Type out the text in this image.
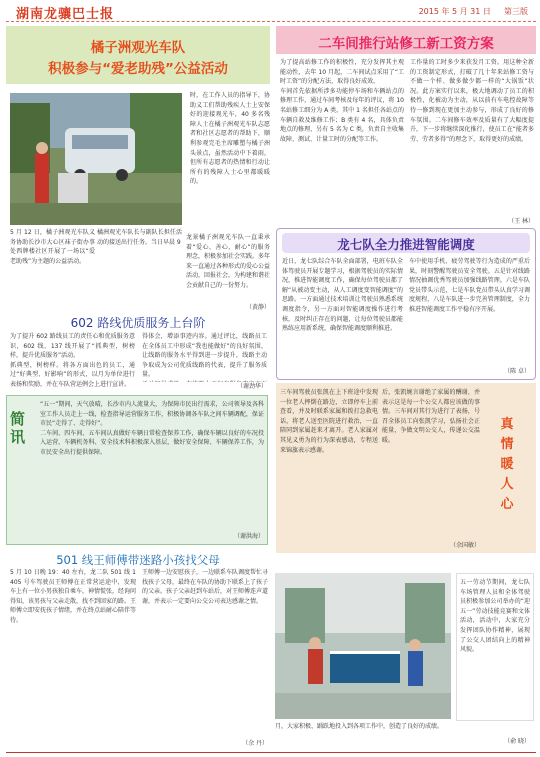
湖南龙骧巴士报	2015 年 5 月 31 日 第三版
橘子洲观光车队
积极参与“爱老助残”公益活动
时，在工作人员的指导下，协助义工们帮助残疾人士上安保好的迎接观光车，40 多名残障人士在橘子洲观光车队志愿者和社区志愿者的帮助下，顺利参观完毛主席雕塑与橘子洲头景点，虽然活动中下着雨，但所有志愿者的热情和行动让所有的残障人士心里都暖暖的。
5 月 12 日，橘子洲观光车队义务协助长沙市大心区袜子街办事处西牌楼社区开展了一场以“爱老助残”为主题的公益活动。
橘洲观光车队长与副队长担任活动的接送出行任务。当日早晨 9
龙景橘子洲观光车队一直秉承着“爱心、善心、耐心”的服务理念，积极参加社会实践。多年来一直通过各种形式的爱心公益活动，回报社会，为构建和谐社会贡献自己的一份努力。
（黄静）
二车间推行站修工新工资方案
为了提高站修工作的积极性，充分发挥其主观能动性，去年 10 月起，二车间试点采用了“工时工资”的分配方法，取得良好成效。
车间首先依据所涉多功能停车场和车辆站点的修理工作，通过车间考核及每年的评议，将 10 名站修工细分为 A 类，其中 1 名担任各站点的车辆自救及维修工作；B 类有 4 名，具体负责地点的修理，另有 5 名为 C 类，负责自主收集故障、测试、计量工时的分配等工作。
工作量的工时多少来获发月工资。用这种全新的工资制定形式，打破了几十年来站修工资与不做一个样、做多做少都一样的“大锅饭”状况。此方案实行以来，极大地调动了员工的积极性，化被动为主动，从以前有车电控故障等待一修到现在更加主动参与，形成了良好的修车氛围。二车间修车效率及质量有了大幅度提升，下一步将继续深化推行，使员工在“能者多劳、劳者多得”的理念下，取得更好的成绩。
（王 林）
龙七队全力推进智能调度
近日，龙七队综合车队全面部署，电班车队全体驾驶员开展专题学习，根据驾驶员的实际情况，推进智能调度工作，确保每位驾驶员都了解“从被动变主动，从人工调度变智能调度”的思路。一方面通过技术培训让驾驶员熟悉系统调度指令，另一方面对智能调度操作进行考核，及时纠正存在的问题，让每位驾驶员都能熟练应用新系统，确保智能调度顺利推进。
车中使用手机、疲劳驾驶等行为造成的严重后果，时刻警醒驾驶员安全驾驶。五是针对线路情况抽调优秀驾驶员加强线路管理。六是车队党员带头示范，七是车队党员带头认真学习调度规程，八是车队进一步完善管理制度，全力推进智能调度工作平稳有序开展。
（陈 卓）
602 路线优质服务上台阶
为了提升 602 路线员工的责任心和优质服务意识，602 线、137 线开展了“抓典型，树榜样，提升优质服务”活动。
抓典型，树榜样。将各方面出色的员工，通过“好典型、好影响”的形式，以月为单位进行表扬和奖励，并在车队营运例会上进行宣讲。
得体会，增添事迹内容。通过评比，线路员工在全体员工中形成“我也能做好”的良好氛围，让线路的服务水平得到进一步提升，线路主动争取成为公司优质线路的代表，提升了服务质量。

（谢劲华）
简讯
“五一”期间，天气放晴，长沙市内人流量大，为保障市民出行需求，公司领导及各科室工作人员走上一线，检查指导运营服务工作，积极协调各车队之间车辆调配，保证市民“走得了、走得好”。
二车间、四车间、五车间认真做好车辆日常检查保养工作，确保车辆以良好的车况投入运营，车辆机务科、安全技术科积极深入基层，做好安全保障、车辆保养工作，为市民安全出行提供保障。
（谢洪海）
真
情
暖
人
心
三车间驾驶员张凯在上下班途中发现一位老人摔倒在路边，立即停车上前查看，并及时联系家属和拨打急救电话，将老人送至医院进行救治，一直陪同到家属赶来才离开。老人家属对其见义勇为的行为深表感动，专程送来锦旗表示感谢。
后，张凯婉言谢绝了家属的酬谢，并表示这是每一个公交人都应该做的事情。三车间对其行为进行了表扬，号召全体员工向张凯学习，弘扬社会正能量，争做文明公交人，传递公交温暖。
（余国敏）
501 线王师傅带迷路小孩找父母
5 月 10 日晚 19：40 左右，龙二队 501 线 1405 号车驾驶员王师傅在正常营运途中，发现车上有一位小男孩独自乘车，神情慌张，经询问得知，该男孩与父亲走散，找不到回家的路。王师傅立即安抚孩子情绪，并在终点站耐心陪伴等待。
王师傅一边安慰孩子，一边联系车队调度帮忙寻找孩子父母，最终在车队的协助下联系上了孩子的父亲。孩子父亲赶到车站后，对王师傅连声道谢，并表示一定要向公交公司表达感谢之情。
（余 丹）
月，大家积极、踊跃地投入到各项工作中，创造了良好的成绩。
五一劳动节期间，龙七队车场管理人员和全体驾驶员积极参加公司举办的“迎五一”劳动技能竞赛和文体活动，活动中，大家充分发挥团队协作精神，展现了公交人团结向上的精神风貌。
（俞 晓）
